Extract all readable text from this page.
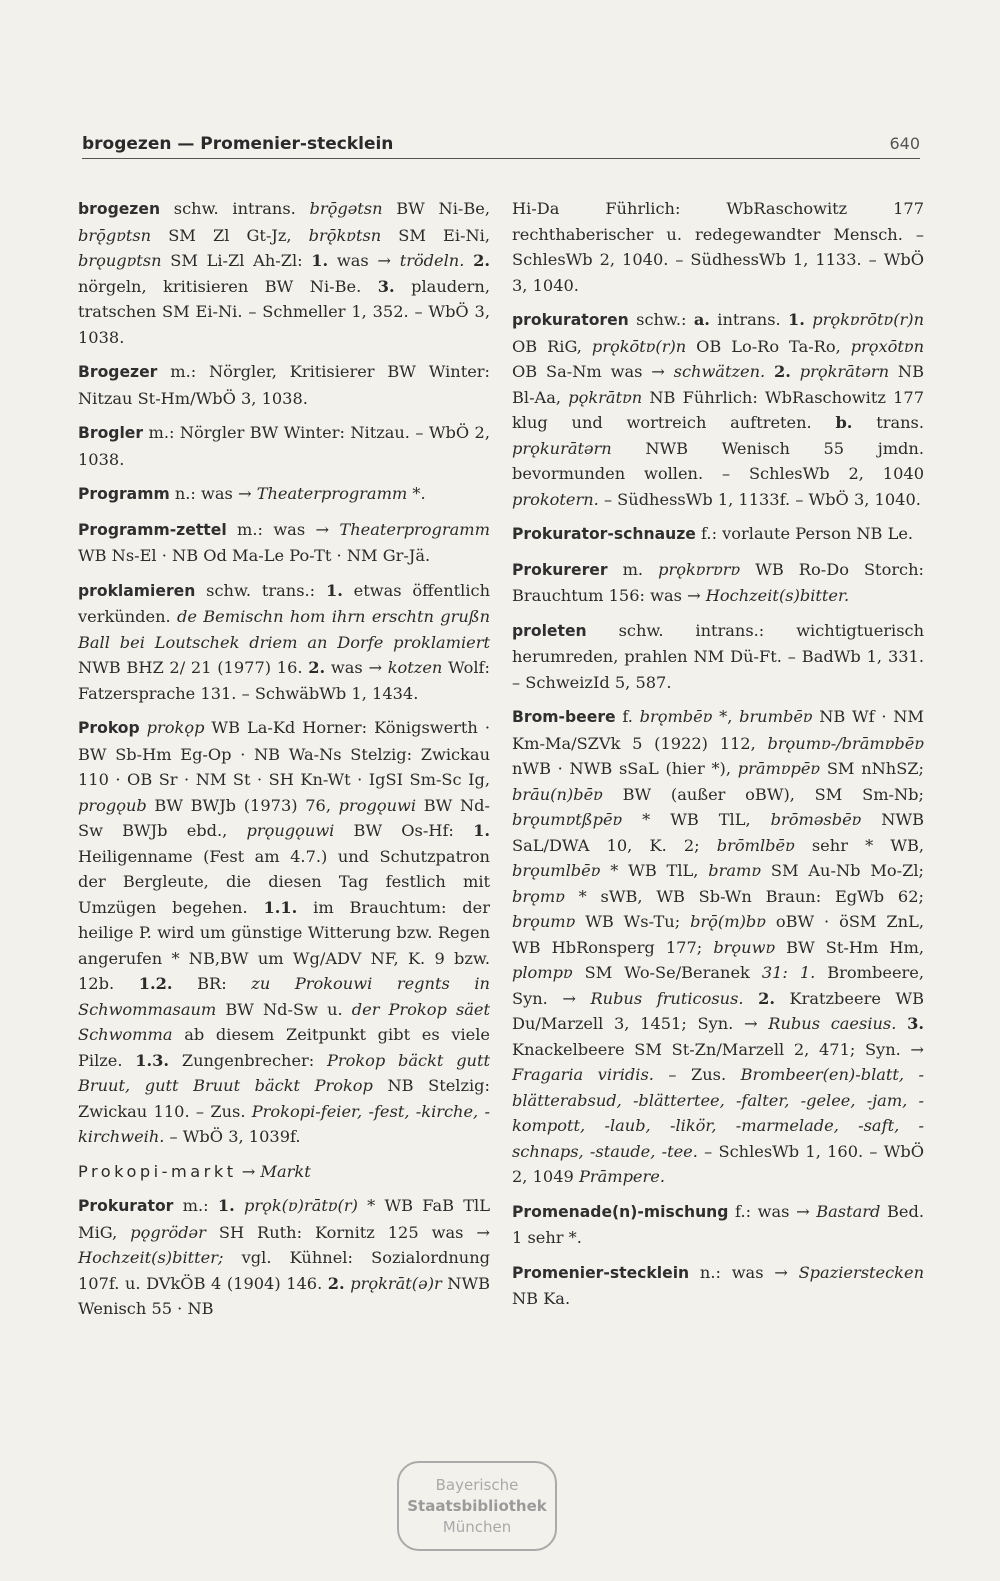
brogezen — Promenier-stecklein	640

brogezen schw. intrans. brǭgətsn BW Ni-Be, brǭgɐtsn SM Zl Gt-Jz, brǭkɐtsn SM Ei-Ni, brǫugɐtsn SM Li-Zl Ah-Zl: 1. was → trödeln. 2. nörgeln, kritisieren BW Ni-Be. 3. plaudern, tratschen SM Ei-Ni. – Schmeller 1, 352. – WbÖ 3, 1038.

Brogezer m.: Nörgler, Kritisierer BW Winter: Nitzau St-Hm/WbÖ 3, 1038.

Brogler m.: Nörgler BW Winter: Nitzau. – WbÖ 2, 1038.

Programm n.: was → Theaterprogramm *.

Programm-zettel m.: was → Theaterprogramm WB Ns-El · NB Od Ma-Le Po-Tt · NM Gr-Jä.

proklamieren schw. trans.: 1. etwas öffentlich verkünden. de Bemischn hom ihrn erschtn grußn Ball bei Loutschek driem an Dorfe proklamiert NWB BHZ 2/ 21 (1977) 16. 2. was → kotzen Wolf: Fatzersprache 131. – SchwäbWb 1, 1434.

Prokop prokǫp WB La-Kd Horner: Königswerth · BW Sb-Hm Eg-Op · NB Wa-Ns Stelzig: Zwickau 110 · OB Sr · NM St · SH Kn-Wt · IgSI Sm-Sc Ig, progǫub BW BWJb (1973) 76, progǫuwi BW Nd-Sw BWJb ebd., prǫugǫuwi BW Os-Hf: 1. Heiligenname (Fest am 4.7.) und Schutzpatron der Bergleute, die diesen Tag festlich mit Umzügen begehen. 1.1. im Brauchtum: der heilige P. wird um günstige Witterung bzw. Regen angerufen * NB,BW um Wg/ADV NF, K. 9 bzw. 12b. 1.2. BR: zu Prokouwi regnts in Schwommasaum BW Nd-Sw u. der Prokop säet Schwomma ab diesem Zeitpunkt gibt es viele Pilze. 1.3. Zungenbrecher: Prokop bäckt gutt Bruut, gutt Bruut bäckt Prokop NB Stelzig: Zwickau 110. – Zus. Prokopi-feier, -fest, -kirche, -kirchweih. – WbÖ 3, 1039f.

Prokopi-markt → Markt

Prokurator m.: 1. prǫk(ɐ)rātɐ(r) * WB FaB TlL MiG, pǫgrödər SH Ruth: Kornitz 125 was → Hochzeit(s)bitter; vgl. Kühnel: Sozialordnung 107f. u. DVkÖB 4 (1904) 146. 2. prǫkrāt(ə)r NWB Wenisch 55 · NB

Hi-Da Führlich: WbRaschowitz 177 rechthaberischer u. redegewandter Mensch. – SchlesWb 2, 1040. – SüdhessWb 1, 1133. – WbÖ 3, 1040.

prokuratoren schw.: a. intrans. 1. prǫkɐrōtɐ(r)n OB RiG, prǫkōtɐ(r)n OB Lo-Ro Ta-Ro, prǫxōtɐn OB Sa-Nm was → schwätzen. 2. prǫkrātərn NB Bl-Aa, pǫkrātɐn NB Führlich: WbRaschowitz 177 klug und wortreich auftreten. b. trans. prǫkurātərn NWB Wenisch 55 jmdn. bevormunden wollen. – SchlesWb 2, 1040 prokotern. – SüdhessWb 1, 1133f. – WbÖ 3, 1040.

Prokurator-schnauze f.: vorlaute Person NB Le.

Prokurerer m. prǫkɐrɐrɐ WB Ro-Do Storch: Brauchtum 156: was → Hochzeit(s)bitter.

proleten schw. intrans.: wichtigtuerisch herumreden, prahlen NM Dü-Ft. – BadWb 1, 331. – SchweizId 5, 587.

Brom-beere f. brǫmbēɐ *, brumbēɐ NB Wf · NM Km-Ma/SZVk 5 (1922) 112, brǫumɐ-/brāmɐbēɐ nWB · NWB sSaL (hier *), prāmɐpēɐ SM nNhSZ; brāu(n)bēɐ BW (außer oBW), SM Sm-Nb; brǫumɐtßpēɐ * WB TlL, brōməsbēɐ NWB SaL/DWA 10, K. 2; brōmlbēɐ sehr * WB, brǫumlbēɐ * WB TlL, bramɐ SM Au-Nb Mo-Zl; brǫmɐ * sWB, WB Sb-Wn Braun: EgWb 62; brǫumɐ WB Ws-Tu; brǭ(m)bɐ oBW · öSM ZnL, WB HbRonsperg 177; brǫuwɐ BW St-Hm Hm, plompɐ SM Wo-Se/Beranek 31: 1. Brombeere, Syn. → Rubus fruticosus. 2. Kratzbeere WB Du/Marzell 3, 1451; Syn. → Rubus caesius. 3. Knackelbeere SM St-Zn/Marzell 2, 471; Syn. → Fragaria viridis. – Zus. Brombeer(en)-blatt, -blätterabsud, -blättertee, -falter, -gelee, -jam, -kompott, -laub, -likör, -marmelade, -saft, -schnaps, -staude, -tee. – SchlesWb 1, 160. – WbÖ 2, 1049 Prāmpere.

Promenade(n)-mischung f.: was → Bastard Bed. 1 sehr *.

Promenier-stecklein n.: was → Spazierstecken NB Ka.

Bayerische
Staatsbibliothek
München
